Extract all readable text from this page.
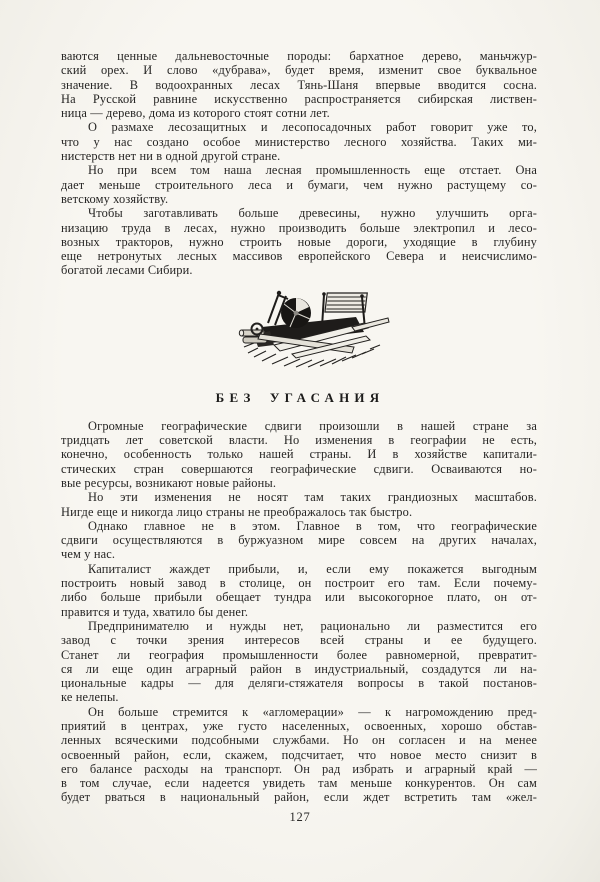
ваются ценные дальневосточные породы: бархатное дерево, маньчжур-
ский орех. И слово «дубрава», будет время, изменит свое буквальное
значение. В водоохранных лесах Тянь-Шаня впервые вводится сосна.
На Русской равнине искусственно распространяется сибирская листвен-
ница — дерево, дома из которого стоят сотни лет.
О размахе лесозащитных и лесопосадочных работ говорит уже то,
что у нас создано особое министерство лесного хозяйства. Таких ми-
нистерств нет ни в одной другой стране.
Но при всем том наша лесная промышленность еще отстает. Она
дает меньше строительного леса и бумаги, чем нужно растущему со-
ветскому хозяйству.
Чтобы заготавливать больше древесины, нужно улучшить орга-
низацию труда в лесах, нужно производить больше электропил и лесо-
возных тракторов, нужно строить новые дороги, уходящие в глубину
еще нетронутых лесных массивов европейского Севера и неисчислимо-
богатой лесами Сибири.
БЕЗ УГАСАНИЯ
Огромные географические сдвиги произошли в нашей стране за
тридцать лет советской власти. Но изменения в географии не есть,
конечно, особенность только нашей страны. И в хозяйстве капитали-
стических стран совершаются географические сдвиги. Осваиваются но-
вые ресурсы, возникают новые районы.
Но эти изменения не носят там таких грандиозных масштабов.
Нигде еще и никогда лицо страны не преображалось так быстро.
Однако главное не в этом. Главное в том, что географические
сдвиги осуществляются в буржуазном мире совсем на других началах,
чем у нас.
Капиталист жаждет прибыли, и, если ему покажется выгодным
построить новый завод в столице, он построит его там. Если почему-
либо больше прибыли обещает тундра или высокогорное плато, он от-
правится и туда, хватило бы денег.
Предпринимателю и нужды нет, рационально ли разместится его
завод с точки зрения интересов всей страны и ее будущего.
Станет ли география промышленности более равномерной, превратит-
ся ли еще один аграрный район в индустриальный, создадутся ли на-
циональные кадры — для деляги-стяжателя вопросы в такой постанов-
ке нелепы.
Он больше стремится к «агломерации» — к нагромождению пред-
приятий в центрах, уже густо населенных, освоенных, хорошо обстав-
ленных всяческими подсобными службами. Но он согласен и на менее
освоенный район, если, скажем, подсчитает, что новое место снизит в
его балансе расходы на транспорт. Он рад избрать и аграрный край —
в том случае, если надеется увидеть там меньше конкурентов. Он сам
будет рваться в национальный район, если ждет встретить там «жел-
127
